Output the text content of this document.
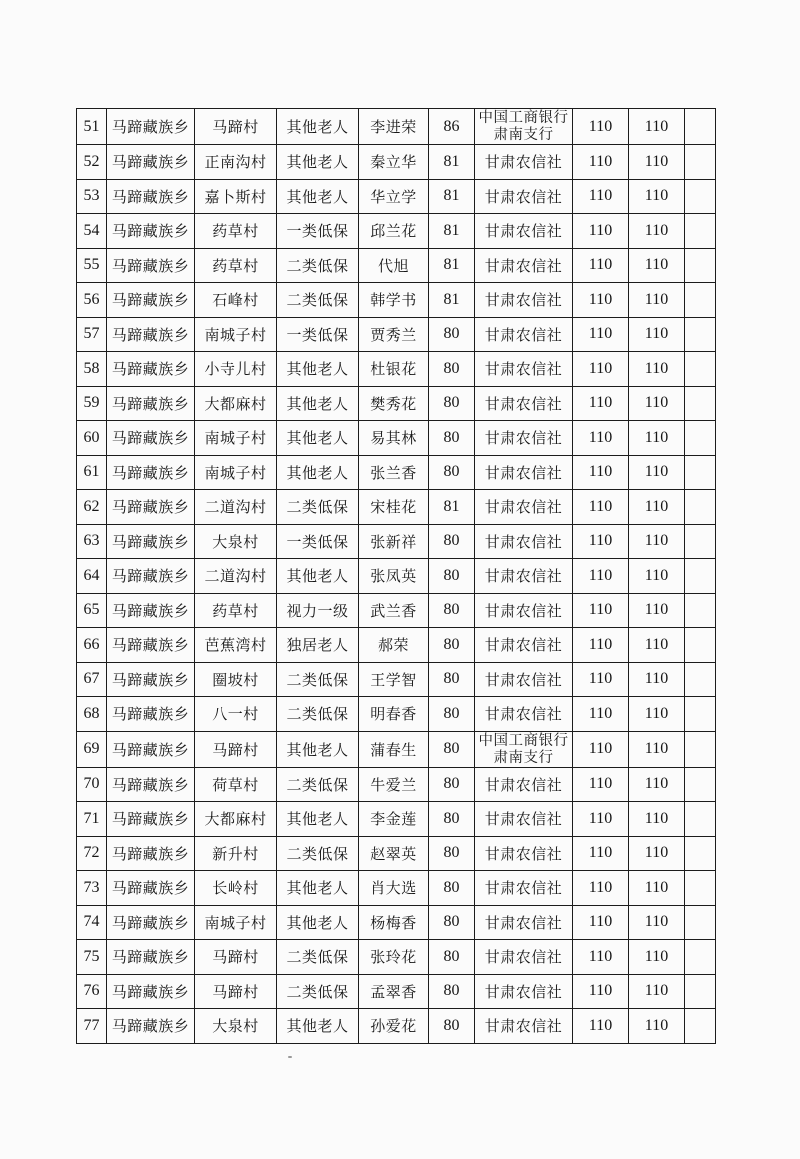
51	马蹄藏族乡	马蹄村	其他老人	李进荣	86	中国工商银行肃南支行	110	110	
52	马蹄藏族乡	正南沟村	其他老人	秦立华	81	甘肃农信社	110	110	
53	马蹄藏族乡	嘉卜斯村	其他老人	华立学	81	甘肃农信社	110	110	
54	马蹄藏族乡	药草村	一类低保	邱兰花	81	甘肃农信社	110	110	
55	马蹄藏族乡	药草村	二类低保	代旭	81	甘肃农信社	110	110	
56	马蹄藏族乡	石峰村	二类低保	韩学书	81	甘肃农信社	110	110	
57	马蹄藏族乡	南城子村	一类低保	贾秀兰	80	甘肃农信社	110	110	
58	马蹄藏族乡	小寺儿村	其他老人	杜银花	80	甘肃农信社	110	110	
59	马蹄藏族乡	大都麻村	其他老人	樊秀花	80	甘肃农信社	110	110	
60	马蹄藏族乡	南城子村	其他老人	易其林	80	甘肃农信社	110	110	
61	马蹄藏族乡	南城子村	其他老人	张兰香	80	甘肃农信社	110	110	
62	马蹄藏族乡	二道沟村	二类低保	宋桂花	81	甘肃农信社	110	110	
63	马蹄藏族乡	大泉村	一类低保	张新祥	80	甘肃农信社	110	110	
64	马蹄藏族乡	二道沟村	其他老人	张凤英	80	甘肃农信社	110	110	
65	马蹄藏族乡	药草村	视力一级	武兰香	80	甘肃农信社	110	110	
66	马蹄藏族乡	芭蕉湾村	独居老人	郝荣	80	甘肃农信社	110	110	
67	马蹄藏族乡	圈坡村	二类低保	王学智	80	甘肃农信社	110	110	
68	马蹄藏族乡	八一村	二类低保	明春香	80	甘肃农信社	110	110	
69	马蹄藏族乡	马蹄村	其他老人	蒲春生	80	中国工商银行肃南支行	110	110	
70	马蹄藏族乡	荷草村	二类低保	牛爱兰	80	甘肃农信社	110	110	
71	马蹄藏族乡	大都麻村	其他老人	李金莲	80	甘肃农信社	110	110	
72	马蹄藏族乡	新升村	二类低保	赵翠英	80	甘肃农信社	110	110	
73	马蹄藏族乡	长岭村	其他老人	肖大选	80	甘肃农信社	110	110	
74	马蹄藏族乡	南城子村	其他老人	杨梅香	80	甘肃农信社	110	110	
75	马蹄藏族乡	马蹄村	二类低保	张玲花	80	甘肃农信社	110	110	
76	马蹄藏族乡	马蹄村	二类低保	孟翠香	80	甘肃农信社	110	110	
77	马蹄藏族乡	大泉村	其他老人	孙爱花	80	甘肃农信社	110	110	
